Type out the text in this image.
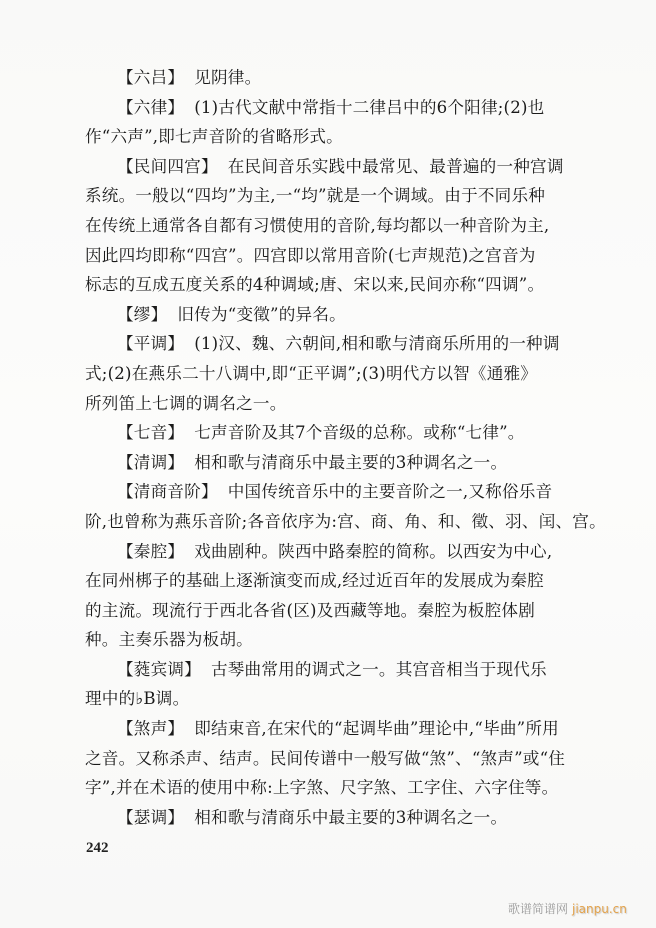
【六吕】 见阴律。
【六律】 (1)古代文献中常指十二律吕中的6个阳律;(2)也
作“六声”,即七声音阶的省略形式。
【民间四宫】 在民间音乐实践中最常见、最普遍的一种宫调
系统。一般以“四均”为主,一“均”就是一个调域。由于不同乐种
在传统上通常各自都有习惯使用的音阶,每均都以一种音阶为主,
因此四均即称“四宫”。四宫即以常用音阶(七声规范)之宫音为
标志的互成五度关系的4种调域;唐、宋以来,民间亦称“四调”。
【缪】 旧传为“变徵”的异名。
【平调】 (1)汉、魏、六朝间,相和歌与清商乐所用的一种调
式;(2)在燕乐二十八调中,即“正平调”;(3)明代方以智《通雅》
所列笛上七调的调名之一。
【七音】 七声音阶及其7个音级的总称。或称“七律”。
【清调】 相和歌与清商乐中最主要的3种调名之一。
【清商音阶】 中国传统音乐中的主要音阶之一,又称俗乐音
阶,也曾称为燕乐音阶;各音依序为:宫、商、角、和、徵、羽、闰、宫。
【秦腔】 戏曲剧种。陕西中路秦腔的简称。以西安为中心,
在同州梆子的基础上逐渐演变而成,经过近百年的发展成为秦腔
的主流。现流行于西北各省(区)及西藏等地。秦腔为板腔体剧
种。主奏乐器为板胡。
【蕤宾调】 古琴曲常用的调式之一。其宫音相当于现代乐
理中的♭B调。
【煞声】 即结束音,在宋代的“起调毕曲”理论中,“毕曲”所用
之音。又称杀声、结声。民间传谱中一般写做“煞”、“煞声”或“住
字”,并在术语的使用中称:上字煞、尺字煞、工字住、六字住等。
【瑟调】 相和歌与清商乐中最主要的3种调名之一。
242
歌谱简谱网 jianpu.cn
